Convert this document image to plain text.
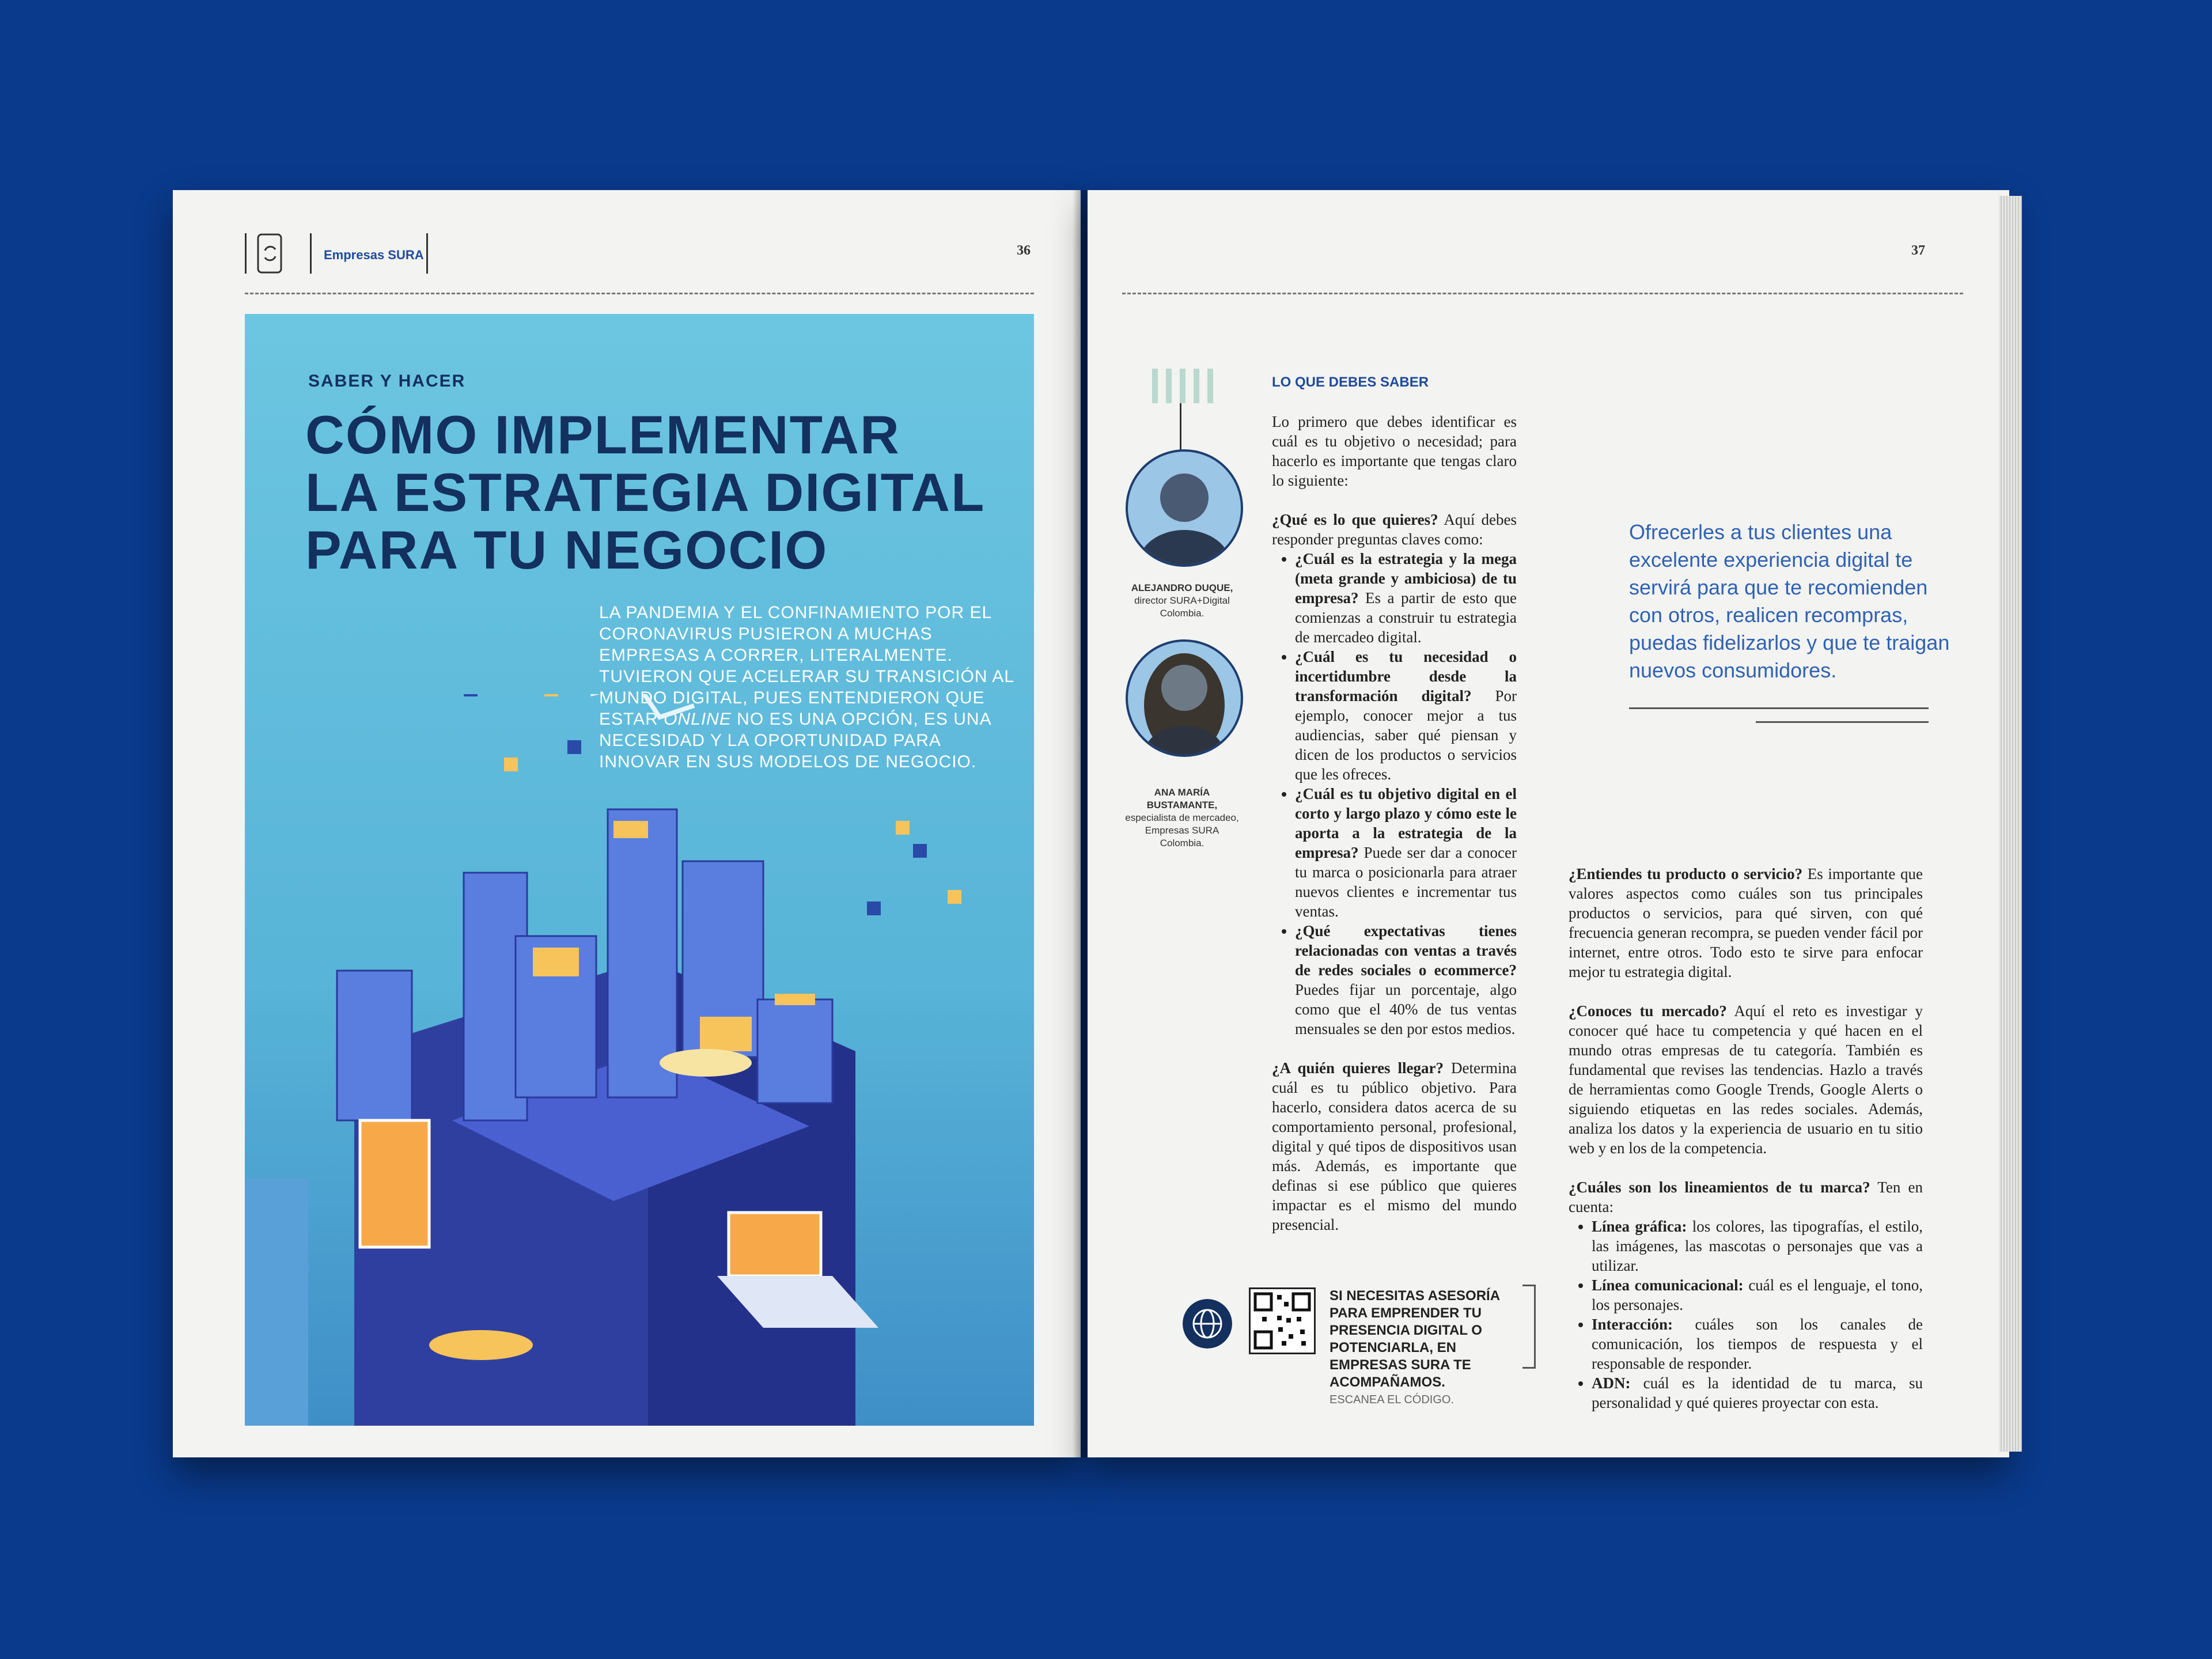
Empresas SURA	36
SABER Y HACER
CÓMO IMPLEMENTAR
LA ESTRATEGIA DIGITAL
PARA TU NEGOCIO
LA PANDEMIA Y EL CONFINAMIENTO POR EL CORONAVIRUS PUSIERON A MUCHAS EMPRESAS A CORRER, LITERALMENTE. TUVIERON QUE ACELERAR SU TRANSICIÓN AL MUNDO DIGITAL, PUES ENTENDIERON QUE ESTAR ONLINE NO ES UNA OPCIÓN, ES UNA NECESIDAD Y LA OPORTUNIDAD PARA INNOVAR EN SUS MODELOS DE NEGOCIO.
37
ALEJANDRO DUQUE,
director SURA+Digital Colombia.
ANA MARÍA BUSTAMANTE,
especialista de mercadeo, Empresas SURA Colombia.
LO QUE DEBES SABER

Lo primero que debes identificar es cuál es tu objetivo o necesidad; para hacerlo es importante que tengas claro lo siguiente:

¿Qué es lo que quieres? Aquí debes responder preguntas claves como:

• ¿Cuál es la estrategia y la mega (meta grande y ambiciosa) de tu empresa? Es a partir de esto que comienzas a construir tu estrategia de mercadeo digital.
• ¿Cuál es tu necesidad o incertidumbre desde la transformación digital? Por ejemplo, conocer mejor a tus audiencias, saber qué piensan y dicen de los productos o servicios que les ofreces.
• ¿Cuál es tu objetivo digital en el corto y largo plazo y cómo este le aporta a la estrategia de la empresa? Puede ser dar a conocer tu marca o posicionarla para atraer nuevos clientes e incrementar tus ventas.
• ¿Qué expectativas tienes relacionadas con ventas a través de redes sociales o ecommerce? Puedes fijar un porcentaje, algo como que el 40% de tus ventas mensuales se den por estos medios.

¿A quién quieres llegar? Determina cuál es tu público objetivo. Para hacerlo, considera datos acerca de su comportamiento personal, profesional, digital y qué tipos de dispositivos usan más. Además, es importante que definas si ese público que quieres impactar es el mismo del mundo presencial.

Ofrecerles a tus clientes una excelente experiencia digital te servirá para que te recomienden con otros, realicen recompras, puedas fidelizarlos y que te traigan nuevos consumidores.

¿Entiendes tu producto o servicio? Es importante que valores aspectos como cuáles son tus principales productos o servicios, para qué sirven, con qué frecuencia generan recompra, se pueden vender fácil por internet, entre otros. Todo esto te sirve para enfocar mejor tu estrategia digital.

¿Conoces tu mercado? Aquí el reto es investigar y conocer qué hace tu competencia y qué hacen en el mundo otras empresas de tu categoría. También es fundamental que revises las tendencias. Hazlo a través de herramientas como Google Trends, Google Alerts o siguiendo etiquetas en las redes sociales. Además, analiza los datos y la experiencia de usuario en tu sitio web y en los de la competencia.

¿Cuáles son los lineamientos de tu marca? Ten en cuenta:

• Línea gráfica: los colores, las tipografías, el estilo, las imágenes, las mascotas o personajes que vas a utilizar.
• Línea comunicacional: cuál es el lenguaje, el tono, los personajes.
• Interacción: cuáles son los canales de comunicación, los tiempos de respuesta y el responsable de responder.
• ADN: cuál es la identidad de tu marca, su personalidad y qué quieres proyectar con esta.
SI NECESITAS ASESORÍA PARA EMPRENDER TU PRESENCIA DIGITAL O POTENCIARLA, EN EMPRESAS SURA TE ACOMPAÑAMOS.
ESCANEA EL CÓDIGO.
